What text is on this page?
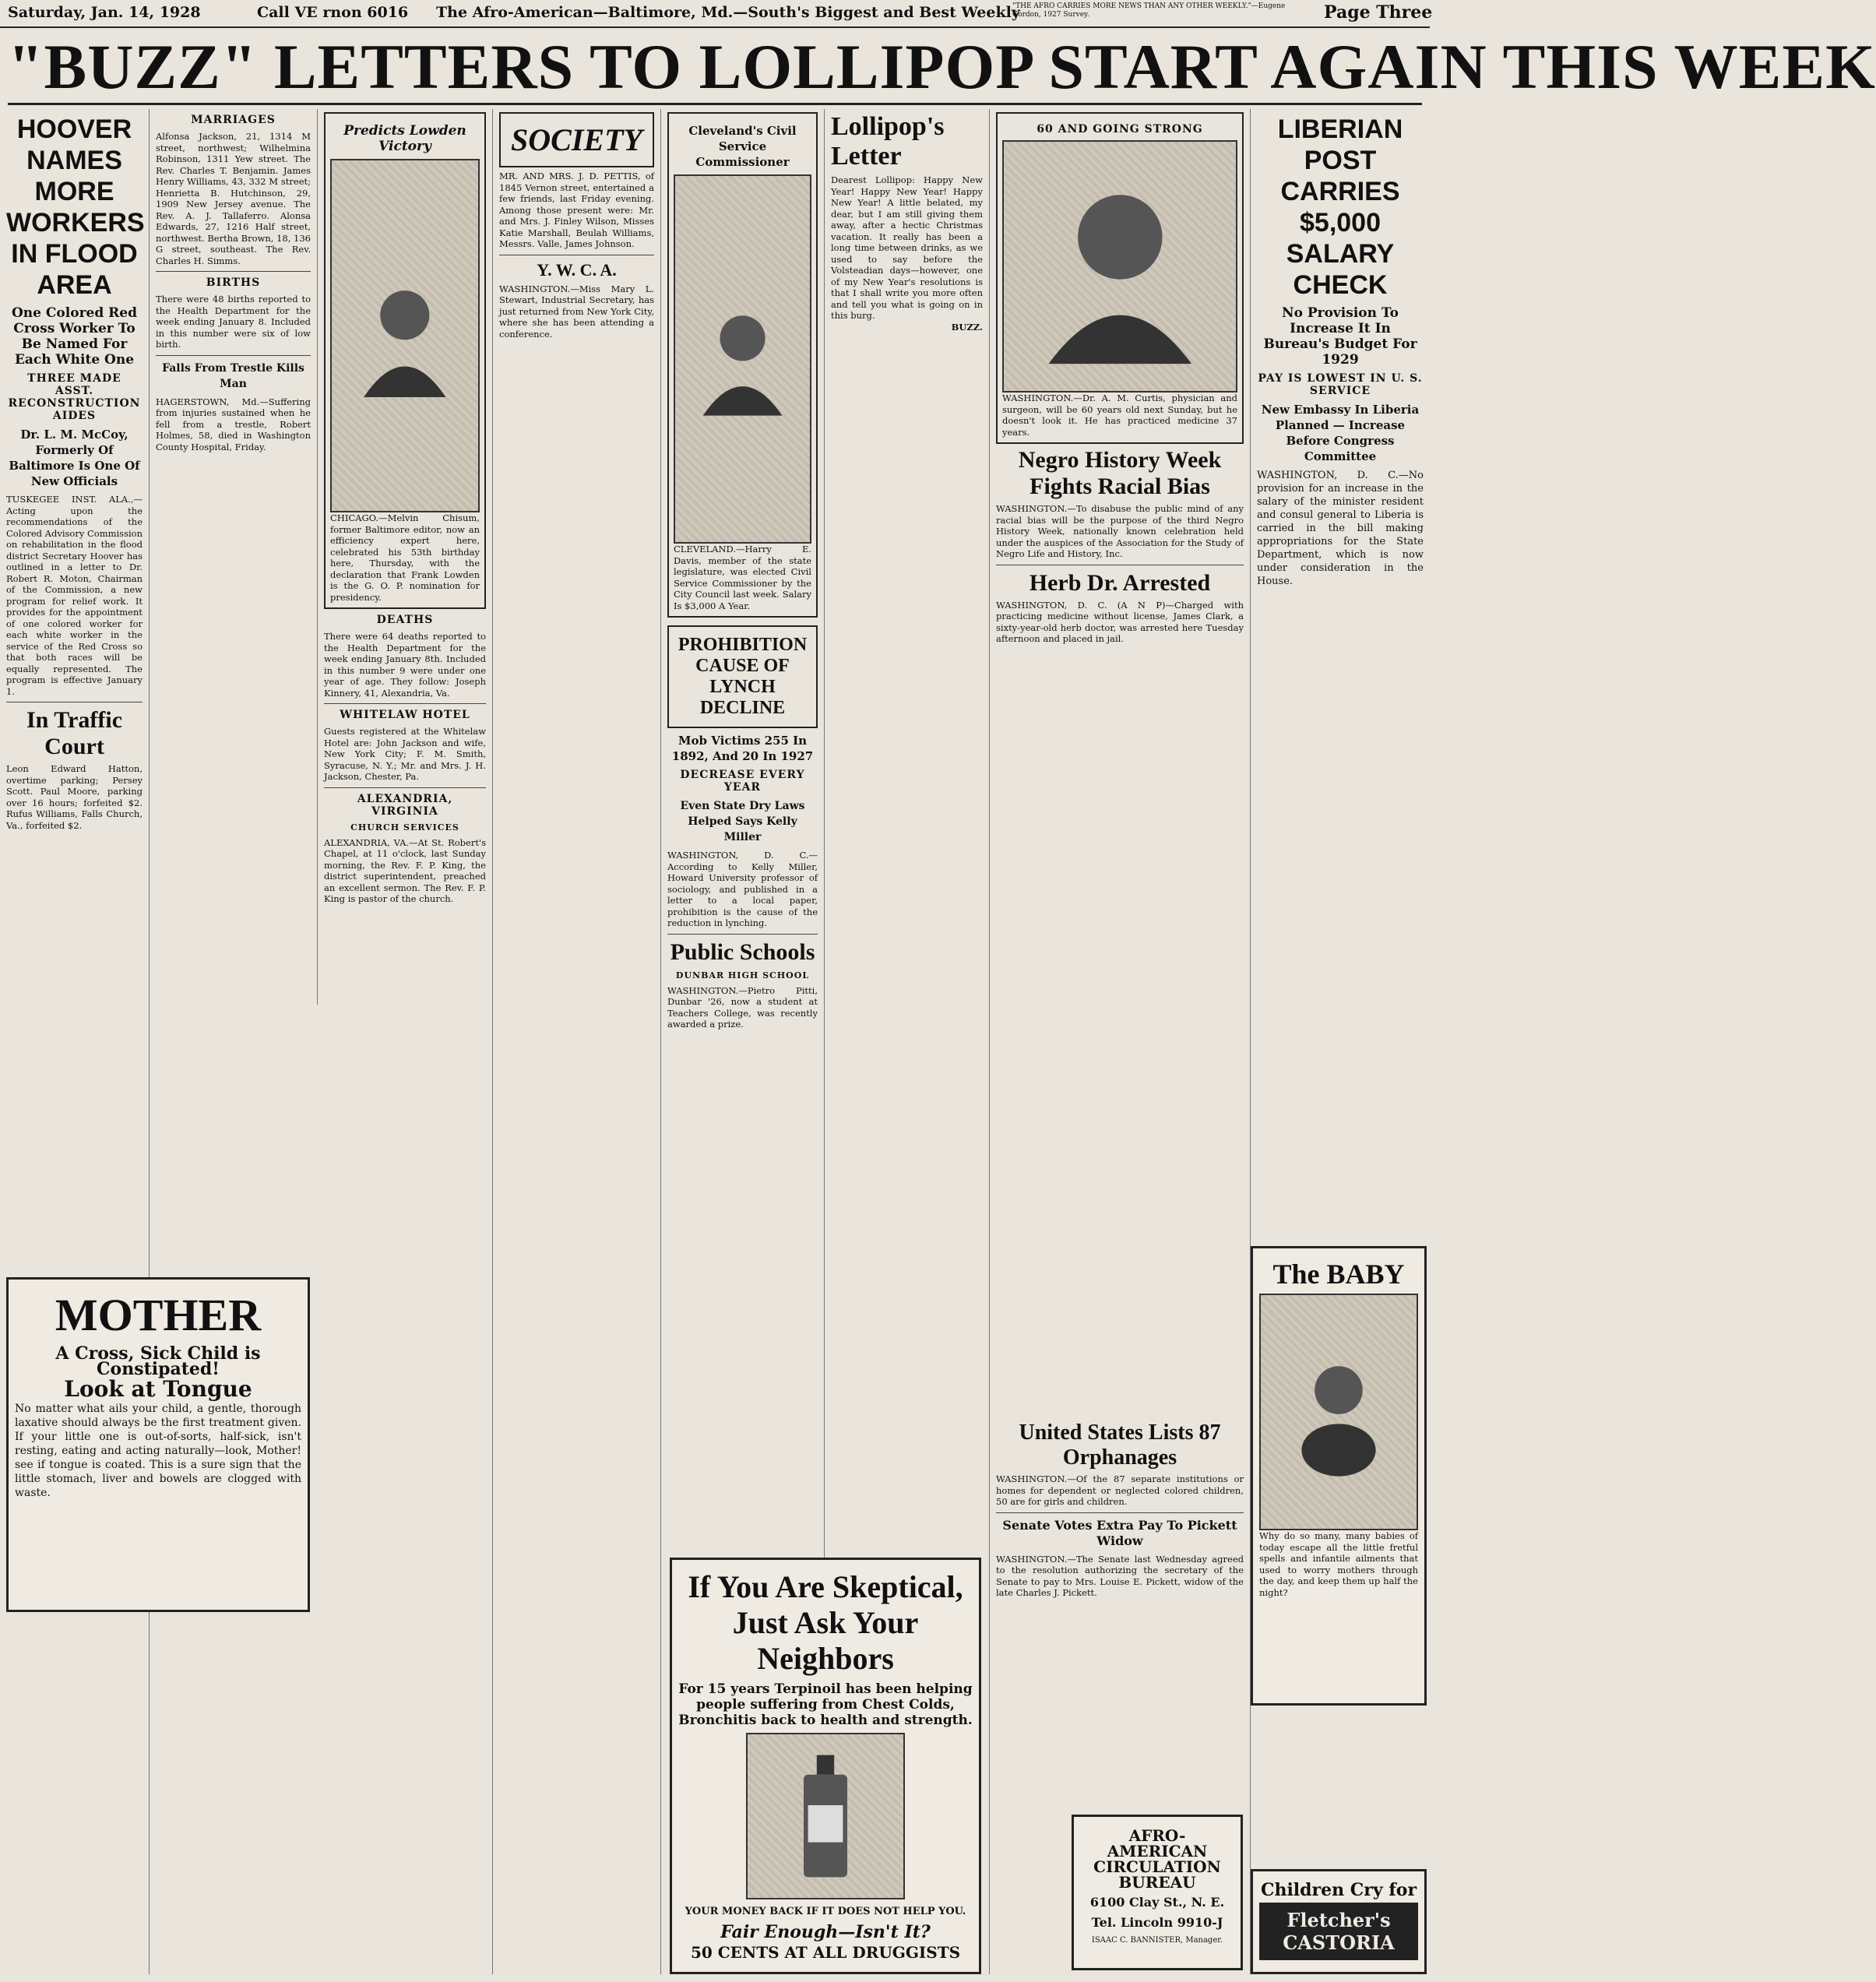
Saturday, Jan. 14, 1928	Call VE rnon 6016 The Afro-American—Baltimore, Md.—South's Biggest and Best Weekly
"THE AFRO CARRIES MORE NEWS THAN ANY OTHER WEEKLY."—Eugene Gordon, 1927 Survey.	Page Three
"BUZZ" LETTERS TO LOLLIPOP START AGAIN THIS WEEK
HOOVER NAMES MORE WORKERS IN FLOOD AREA
One Colored Red Cross Worker To Be Named For Each White One
THREE MADE ASST. RECONSTRUCTION AIDES
Dr. L. M. McCoy, Formerly Of Baltimore Is One Of New Officials
TUSKEGEE INST. ALA.,—Acting upon the recommendations of the Colored Advisory Commission on rehabilitation in the flood district Secretary Hoover has outlined in a letter to Dr. Robert R. Moton, Chairman of the Commission, a new program for relief work. It provides for the appointment of one colored worker for each white worker in the service of the Red Cross so that both races will be equally represented. The program is effective January 1.
In Traffic Court
Leon Edward Hatton, overtime parking; Persey Scott. Paul Moore, parking over 16 hours; forfeited $2. Rufus Williams, Falls Church, Va., forfeited $2.
MARRIAGES
Alfonsa Jackson, 21, 1314 M street, northwest; Wilhelmina Robinson, 1311 Yew street. The Rev. Charles T. Benjamin. James Henry Williams, 43, 332 M street; Henrietta B. Hutchinson, 29, 1909 New Jersey avenue. The Rev. A. J. Tallaferro. Alonsa Edwards, 27, 1216 Half street, northwest. Bertha Brown, 18, 136 G street, southeast. The Rev. Charles H. Simms.
BIRTHS
There were 48 births reported to the Health Department for the week ending January 8. Included in this number were six of low birth.
Falls From Trestle Kills Man
HAGERSTOWN, Md.—Suffering from injuries sustained when he fell from a trestle, Robert Holmes, 58, died in Washington County Hospital, Friday.
MOTHER
A Cross, Sick Child is Constipated!
Look at Tongue
No matter what ails your child, a gentle, thorough laxative should always be the first treatment given. If your little one is out-of-sorts, half-sick, isn't resting, eating and acting naturally—look, Mother! see if tongue is coated. This is a sure sign that the little stomach, liver and bowels are clogged with waste.
Predicts Lowden Victory
CHICAGO.—Melvin Chisum, former Baltimore editor, now an efficiency expert here, celebrated his 53th birthday here, Thursday, with the declaration that Frank Lowden is the G. O. P. nomination for presidency.
DEATHS
There were 64 deaths reported to the Health Department for the week ending January 8th. Included in this number 9 were under one year of age. They follow: Joseph Kinnery, 41, Alexandria, Va.
WHITELAW HOTEL
Guests registered at the Whitelaw Hotel are: John Jackson and wife, New York City; F. M. Smith, Syracuse, N. Y.; Mr. and Mrs. J. H. Jackson, Chester, Pa.
ALEXANDRIA, VIRGINIA
CHURCH SERVICES
ALEXANDRIA, VA.—At St. Robert's Chapel, at 11 o'clock, last Sunday morning, the Rev. F. P. King, the district superintendent, preached an excellent sermon. The Rev. F. P. King is pastor of the church.
SOCIETY
MR. AND MRS. J. D. PETTIS, of 1845 Vernon street, entertained a few friends, last Friday evening. Among those present were: Mr. and Mrs. J. Finley Wilson, Misses Katie Marshall, Beulah Williams, Messrs. Valle, James Johnson.
Y. W. C. A.
WASHINGTON.—Miss Mary L. Stewart, Industrial Secretary, has just returned from New York City, where she has been attending a conference.
Cleveland's Civil Service Commissioner
CLEVELAND.—Harry E. Davis, member of the state legislature, was elected Civil Service Commissioner by the City Council last week. Salary Is $3,000 A Year.
PROHIBITION CAUSE OF LYNCH DECLINE
Mob Victims 255 In 1892, And 20 In 1927
DECREASE EVERY YEAR
Even State Dry Laws Helped Says Kelly Miller
WASHINGTON, D. C.—According to Kelly Miller, Howard University professor of sociology, and published in a letter to a local paper, prohibition is the cause of the reduction in lynching.
Public Schools
DUNBAR HIGH SCHOOL
WASHINGTON.—Pietro Pitti, Dunbar '26, now a student at Teachers College, was recently awarded a prize.
Lollipop's Letter
Dearest Lollipop: Happy New Year! Happy New Year! Happy New Year! A little belated, my dear, but I am still giving them away, after a hectic Christmas vacation. It really has been a long time between drinks, as we used to say before the Volsteadian days—however, one of my New Year's resolutions is that I shall write you more often and tell you what is going on in this burg.
BUZZ.
60 AND GOING STRONG
WASHINGTON.—Dr. A. M. Curtis, physician and surgeon, will be 60 years old next Sunday, but he doesn't look it. He has practiced medicine 37 years.
Negro History Week Fights Racial Bias
WASHINGTON.—To disabuse the public mind of any racial bias will be the purpose of the third Negro History Week, nationally known celebration held under the auspices of the Association for the Study of Negro Life and History, Inc.
Herb Dr. Arrested
WASHINGTON, D. C. (A N P)—Charged with practicing medicine without license, James Clark, a sixty-year-old herb doctor, was arrested here Tuesday afternoon and placed in jail.
LIBERIAN POST CARRIES $5,000 SALARY CHECK
No Provision To Increase It In Bureau's Budget For 1929
PAY IS LOWEST IN U. S. SERVICE
New Embassy In Liberia Planned — Increase Before Congress Committee
WASHINGTON, D. C.—No provision for an increase in the salary of the minister resident and consul general to Liberia is carried in the bill making appropriations for the State Department, which is now under consideration in the House.
The BABY
Why do so many, many babies of today escape all the little fretful spells and infantile ailments that used to worry mothers through the day, and keep them up half the night?
Children Cry for
Fletcher's CASTORIA
United States Lists 87 Orphanages
WASHINGTON.—Of the 87 separate institutions or homes for dependent or neglected colored children, 50 are for girls and children.
Senate Votes Extra Pay To Pickett Widow
WASHINGTON.—The Senate last Wednesday agreed to the resolution authorizing the secretary of the Senate to pay to Mrs. Louise E. Pickett, widow of the late Charles J. Pickett.
AFRO-AMERICAN CIRCULATION BUREAU
6100 Clay St., N. E.
Tel. Lincoln 9910-J
ISAAC C. BANNISTER, Manager.
If You Are Skeptical, Just Ask Your Neighbors
For 15 years Terpinoil has been helping people suffering from Chest Colds, Bronchitis back to health and strength.
YOUR MONEY BACK IF IT DOES NOT HELP YOU.
Fair Enough—Isn't It?
50 CENTS AT ALL DRUGGISTS
